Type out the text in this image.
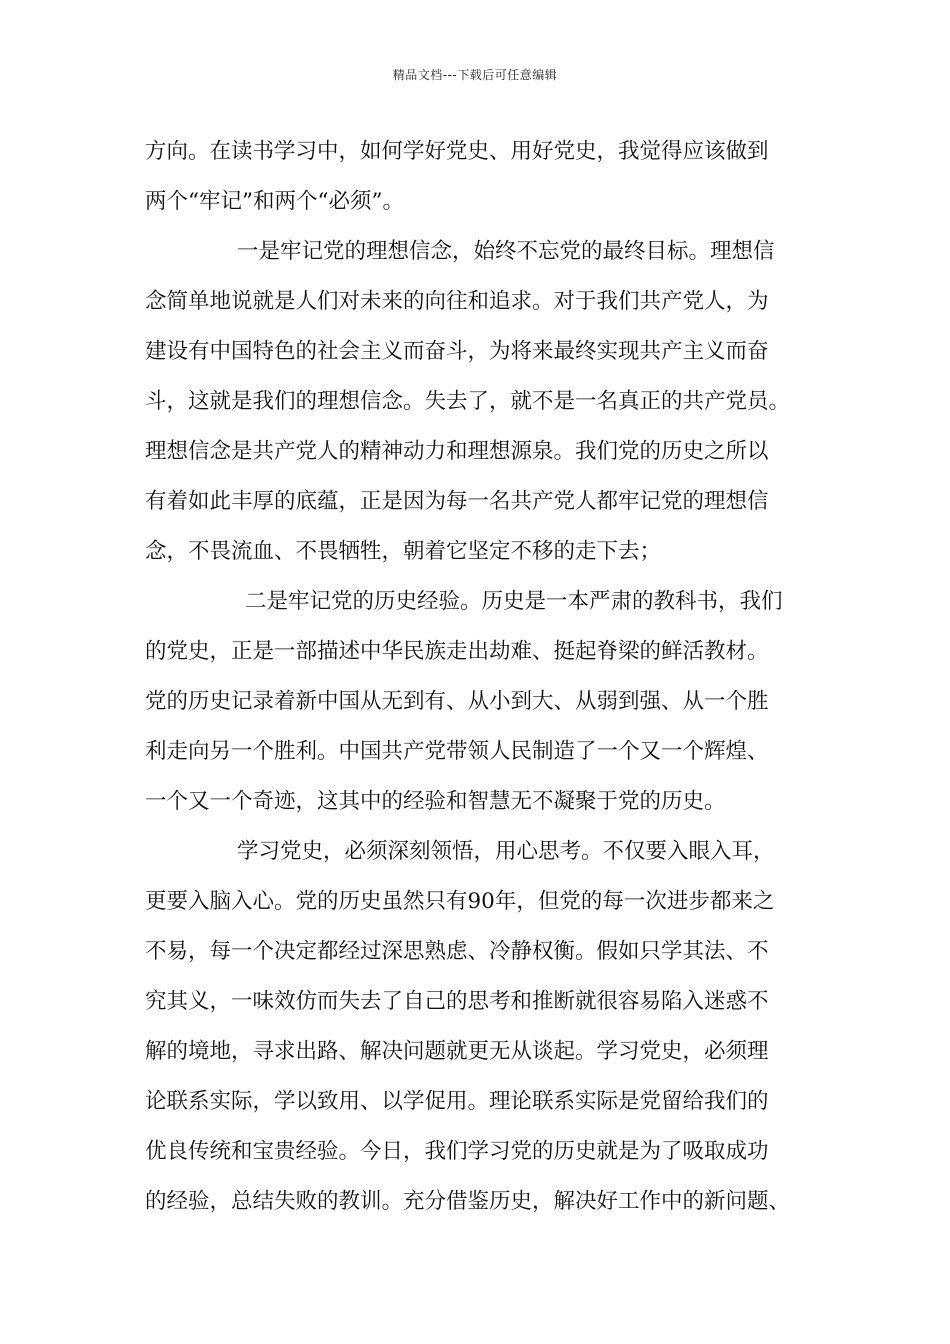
精品文档---下载后可任意编辑
方向。在读书学习中，如何学好党史、用好党史，我觉得应该做到
两个“牢记”和两个“必须”。
一是牢记党的理想信念，始终不忘党的最终目标。理想信
念简单地说就是人们对未来的向往和追求。对于我们共产党人，为
建设有中国特色的社会主义而奋斗，为将来最终实现共产主义而奋
斗，这就是我们的理想信念。失去了，就不是一名真正的共产党员。
理想信念是共产党人的精神动力和理想源泉。我们党的历史之所以
有着如此丰厚的底蕴，正是因为每一名共产党人都牢记党的理想信
念，不畏流血、不畏牺牲，朝着它坚定不移的走下去；
二是牢记党的历史经验。历史是一本严肃的教科书，我们
的党史，正是一部描述中华民族走出劫难、挺起脊梁的鲜活教材。
党的历史记录着新中国从无到有、从小到大、从弱到强、从一个胜
利走向另一个胜利。中国共产党带领人民制造了一个又一个辉煌、
一个又一个奇迹，这其中的经验和智慧无不凝聚于党的历史。
学习党史，必须深刻领悟，用心思考。不仅要入眼入耳，
更要入脑入心。党的历史虽然只有90年，但党的每一次进步都来之
不易，每一个决定都经过深思熟虑、冷静权衡。假如只学其法、不
究其义，一味效仿而失去了自己的思考和推断就很容易陷入迷惑不
解的境地，寻求出路、解决问题就更无从谈起。学习党史，必须理
论联系实际，学以致用、以学促用。理论联系实际是党留给我们的
优良传统和宝贵经验。今日，我们学习党的历史就是为了吸取成功
的经验，总结失败的教训。充分借鉴历史，解决好工作中的新问题、
